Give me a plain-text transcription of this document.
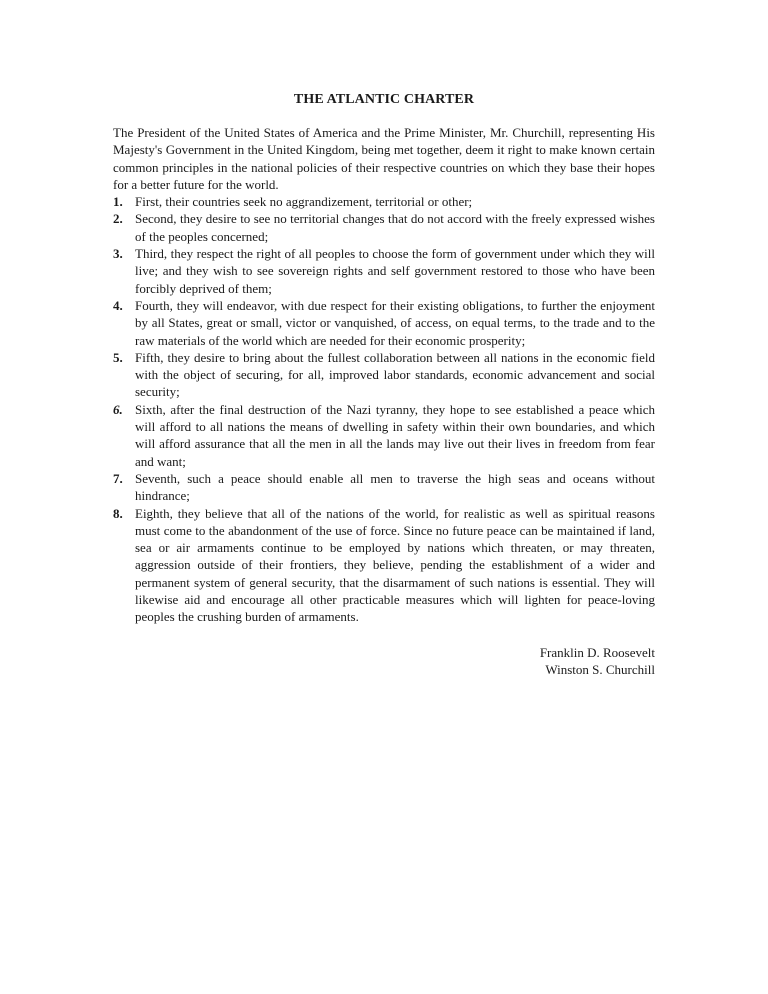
THE ATLANTIC CHARTER

The President of the United States of America and the Prime Minister, Mr. Churchill, representing His Majesty's Government in the United Kingdom, being met together, deem it right to make known certain common principles in the national policies of their respective countries on which they base their hopes for a better future for the world.

1. First, their countries seek no aggrandizement, territorial or other;
2. Second, they desire to see no territorial changes that do not accord with the freely expressed wishes of the peoples concerned;
3. Third, they respect the right of all peoples to choose the form of government under which they will live; and they wish to see sovereign rights and self government restored to those who have been forcibly deprived of them;
4. Fourth, they will endeavor, with due respect for their existing obligations, to further the enjoyment by all States, great or small, victor or vanquished, of access, on equal terms, to the trade and to the raw materials of the world which are needed for their economic prosperity;
5. Fifth, they desire to bring about the fullest collaboration between all nations in the economic field with the object of securing, for all, improved labor standards, economic advancement and social security;
6. Sixth, after the final destruction of the Nazi tyranny, they hope to see established a peace which will afford to all nations the means of dwelling in safety within their own boundaries, and which will afford assurance that all the men in all the lands may live out their lives in freedom from fear and want;
7. Seventh, such a peace should enable all men to traverse the high seas and oceans without hindrance;
8. Eighth, they believe that all of the nations of the world, for realistic as well as spiritual reasons must come to the abandonment of the use of force. Since no future peace can be maintained if land, sea or air armaments continue to be employed by nations which threaten, or may threaten, aggression outside of their frontiers, they believe, pending the establishment of a wider and permanent system of general security, that the disarmament of such nations is essential. They will likewise aid and encourage all other practicable measures which will lighten for peace-loving peoples the crushing burden of armaments.
Franklin D. Roosevelt
Winston S. Churchill
